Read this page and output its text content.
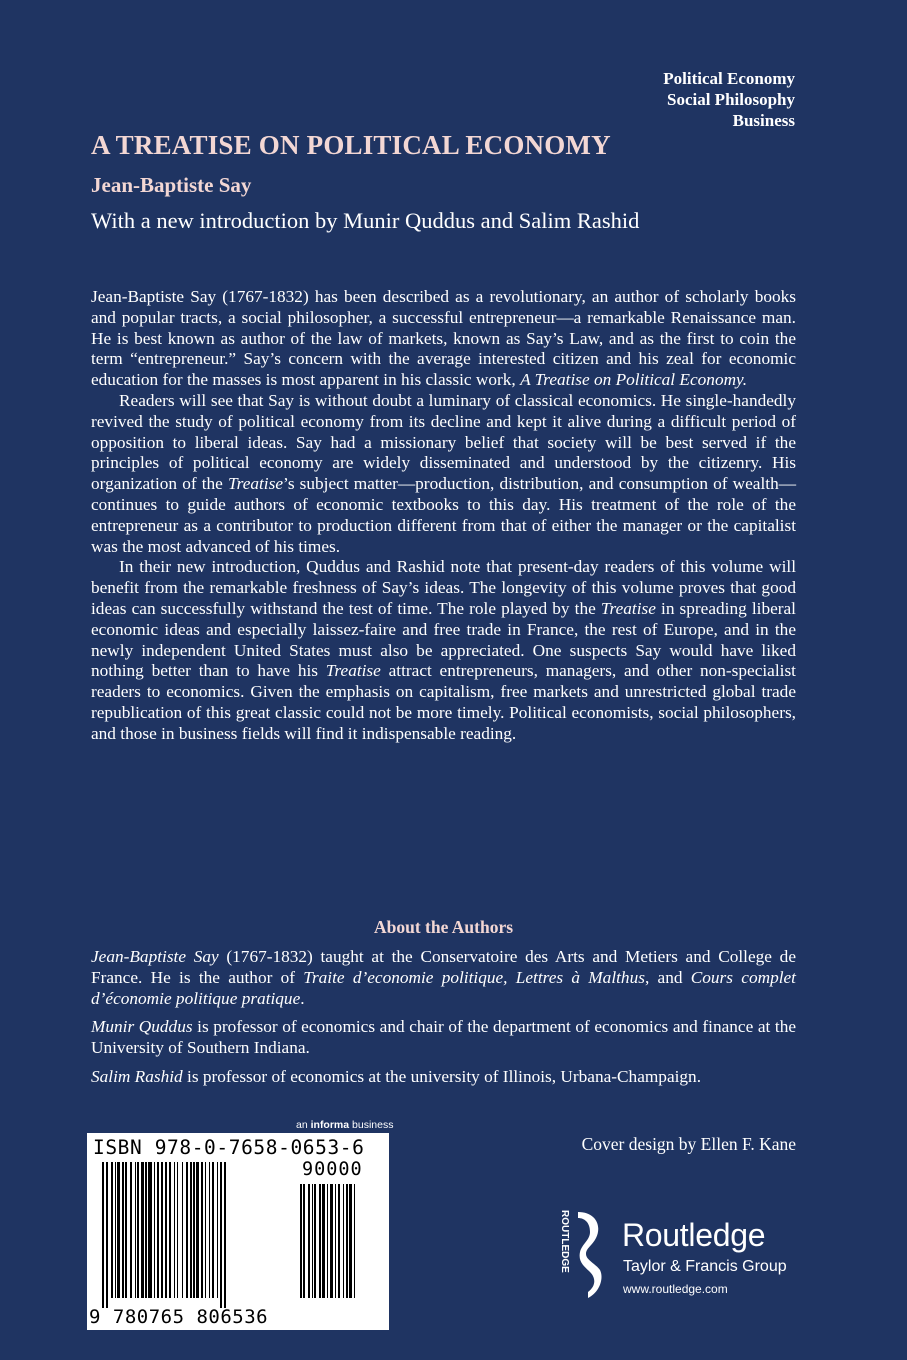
Political Economy
Social Philosophy
Business
A TREATISE ON POLITICAL ECONOMY
Jean-Baptiste Say

With a new introduction by Munir Quddus and Salim Rashid

Jean-Baptiste Say (1767-1832) has been described as a revolutionary, an author of scholarly books and popular tracts, a social philosopher, a successful entrepreneur—a remarkable Renaissance man. He is best known as author of the law of markets, known as Say’s Law, and as the first to coin the term “entrepreneur.” Say’s concern with the average interested citizen and his zeal for economic education for the masses is most apparent in his classic work, A Treatise on Political Economy.

Readers will see that Say is without doubt a luminary of classical economics. He single-handedly revived the study of political economy from its decline and kept it alive during a difficult period of opposition to liberal ideas. Say had a missionary belief that society will be best served if the principles of political economy are widely disseminated and understood by the citizenry. His organization of the Treatise’s subject matter—production, distribution, and consumption of wealth—continues to guide authors of economic textbooks to this day. His treatment of the role of the entrepreneur as a contributor to production different from that of either the manager or the capitalist was the most advanced of his times.

In their new introduction, Quddus and Rashid note that present-day readers of this volume will benefit from the remarkable freshness of Say’s ideas. The longevity of this volume proves that good ideas can successfully withstand the test of time. The role played by the Treatise in spreading liberal economic ideas and especially laissez-faire and free trade in France, the rest of Europe, and in the newly independent United States must also be appreciated. One suspects Say would have liked nothing better than to have his Treatise attract entrepreneurs, managers, and other non-specialist readers to economics. Given the emphasis on capitalism, free markets and unrestricted global trade republication of this great classic could not be more timely. Political economists, social philosophers, and those in business fields will find it indispensable reading.

About the Authors

Jean-Baptiste Say (1767-1832) taught at the Conservatoire des Arts and Metiers and College de France. He is the author of Traite d’economie politique, Lettres à Malthus, and Cours complet d’économie politique pratique.

Munir Quddus is professor of economics and chair of the department of economics and finance at the University of Southern Indiana.

Salim Rashid is professor of economics at the university of Illinois, Urbana-Champaign.

an informa business
ISBN 978-0-7658-0653-6
90000
9 780765 806536
Cover design by Ellen F. Kane
ROUTLEDGE Routledge
Taylor & Francis Group
www.routledge.com
